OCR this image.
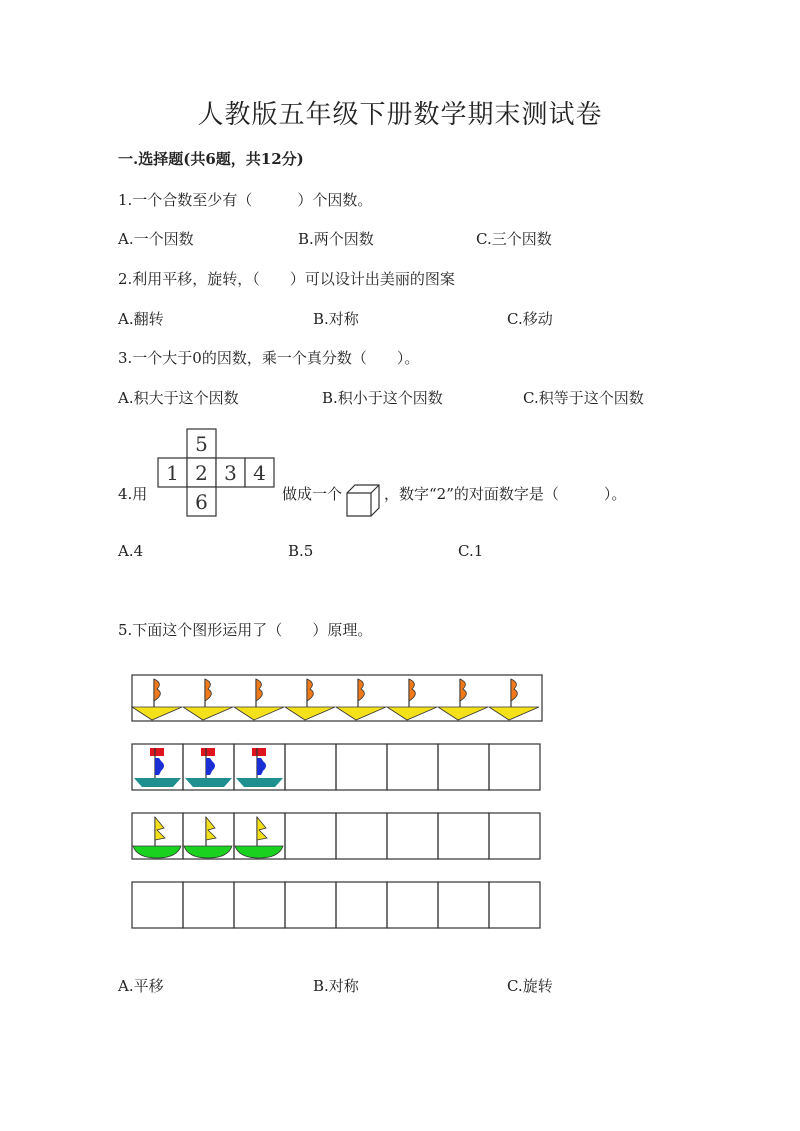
人教版五年级下册数学期末测试卷
一.选择题(共6题，共12分)
1.一个合数至少有（　　　）个因数。
A.一个因数	B.两个因数	C.三个因数
2.利用平移，旋转，（　　）可以设计出美丽的图案
A.翻转	B.对称	C.移动
3.一个大于0的因数，乘一个真分数（　　）。
A.积大于这个因数	B.积小于这个因数	C.积等于这个因数
4.用
5
1 2 3 4
6	做成一个	，数字“2”的对面数字是（　　　）。
A.4	B.5	C.1
5.下面这个图形运用了（　　）原理。
A.平移	B.对称	C.旋转
